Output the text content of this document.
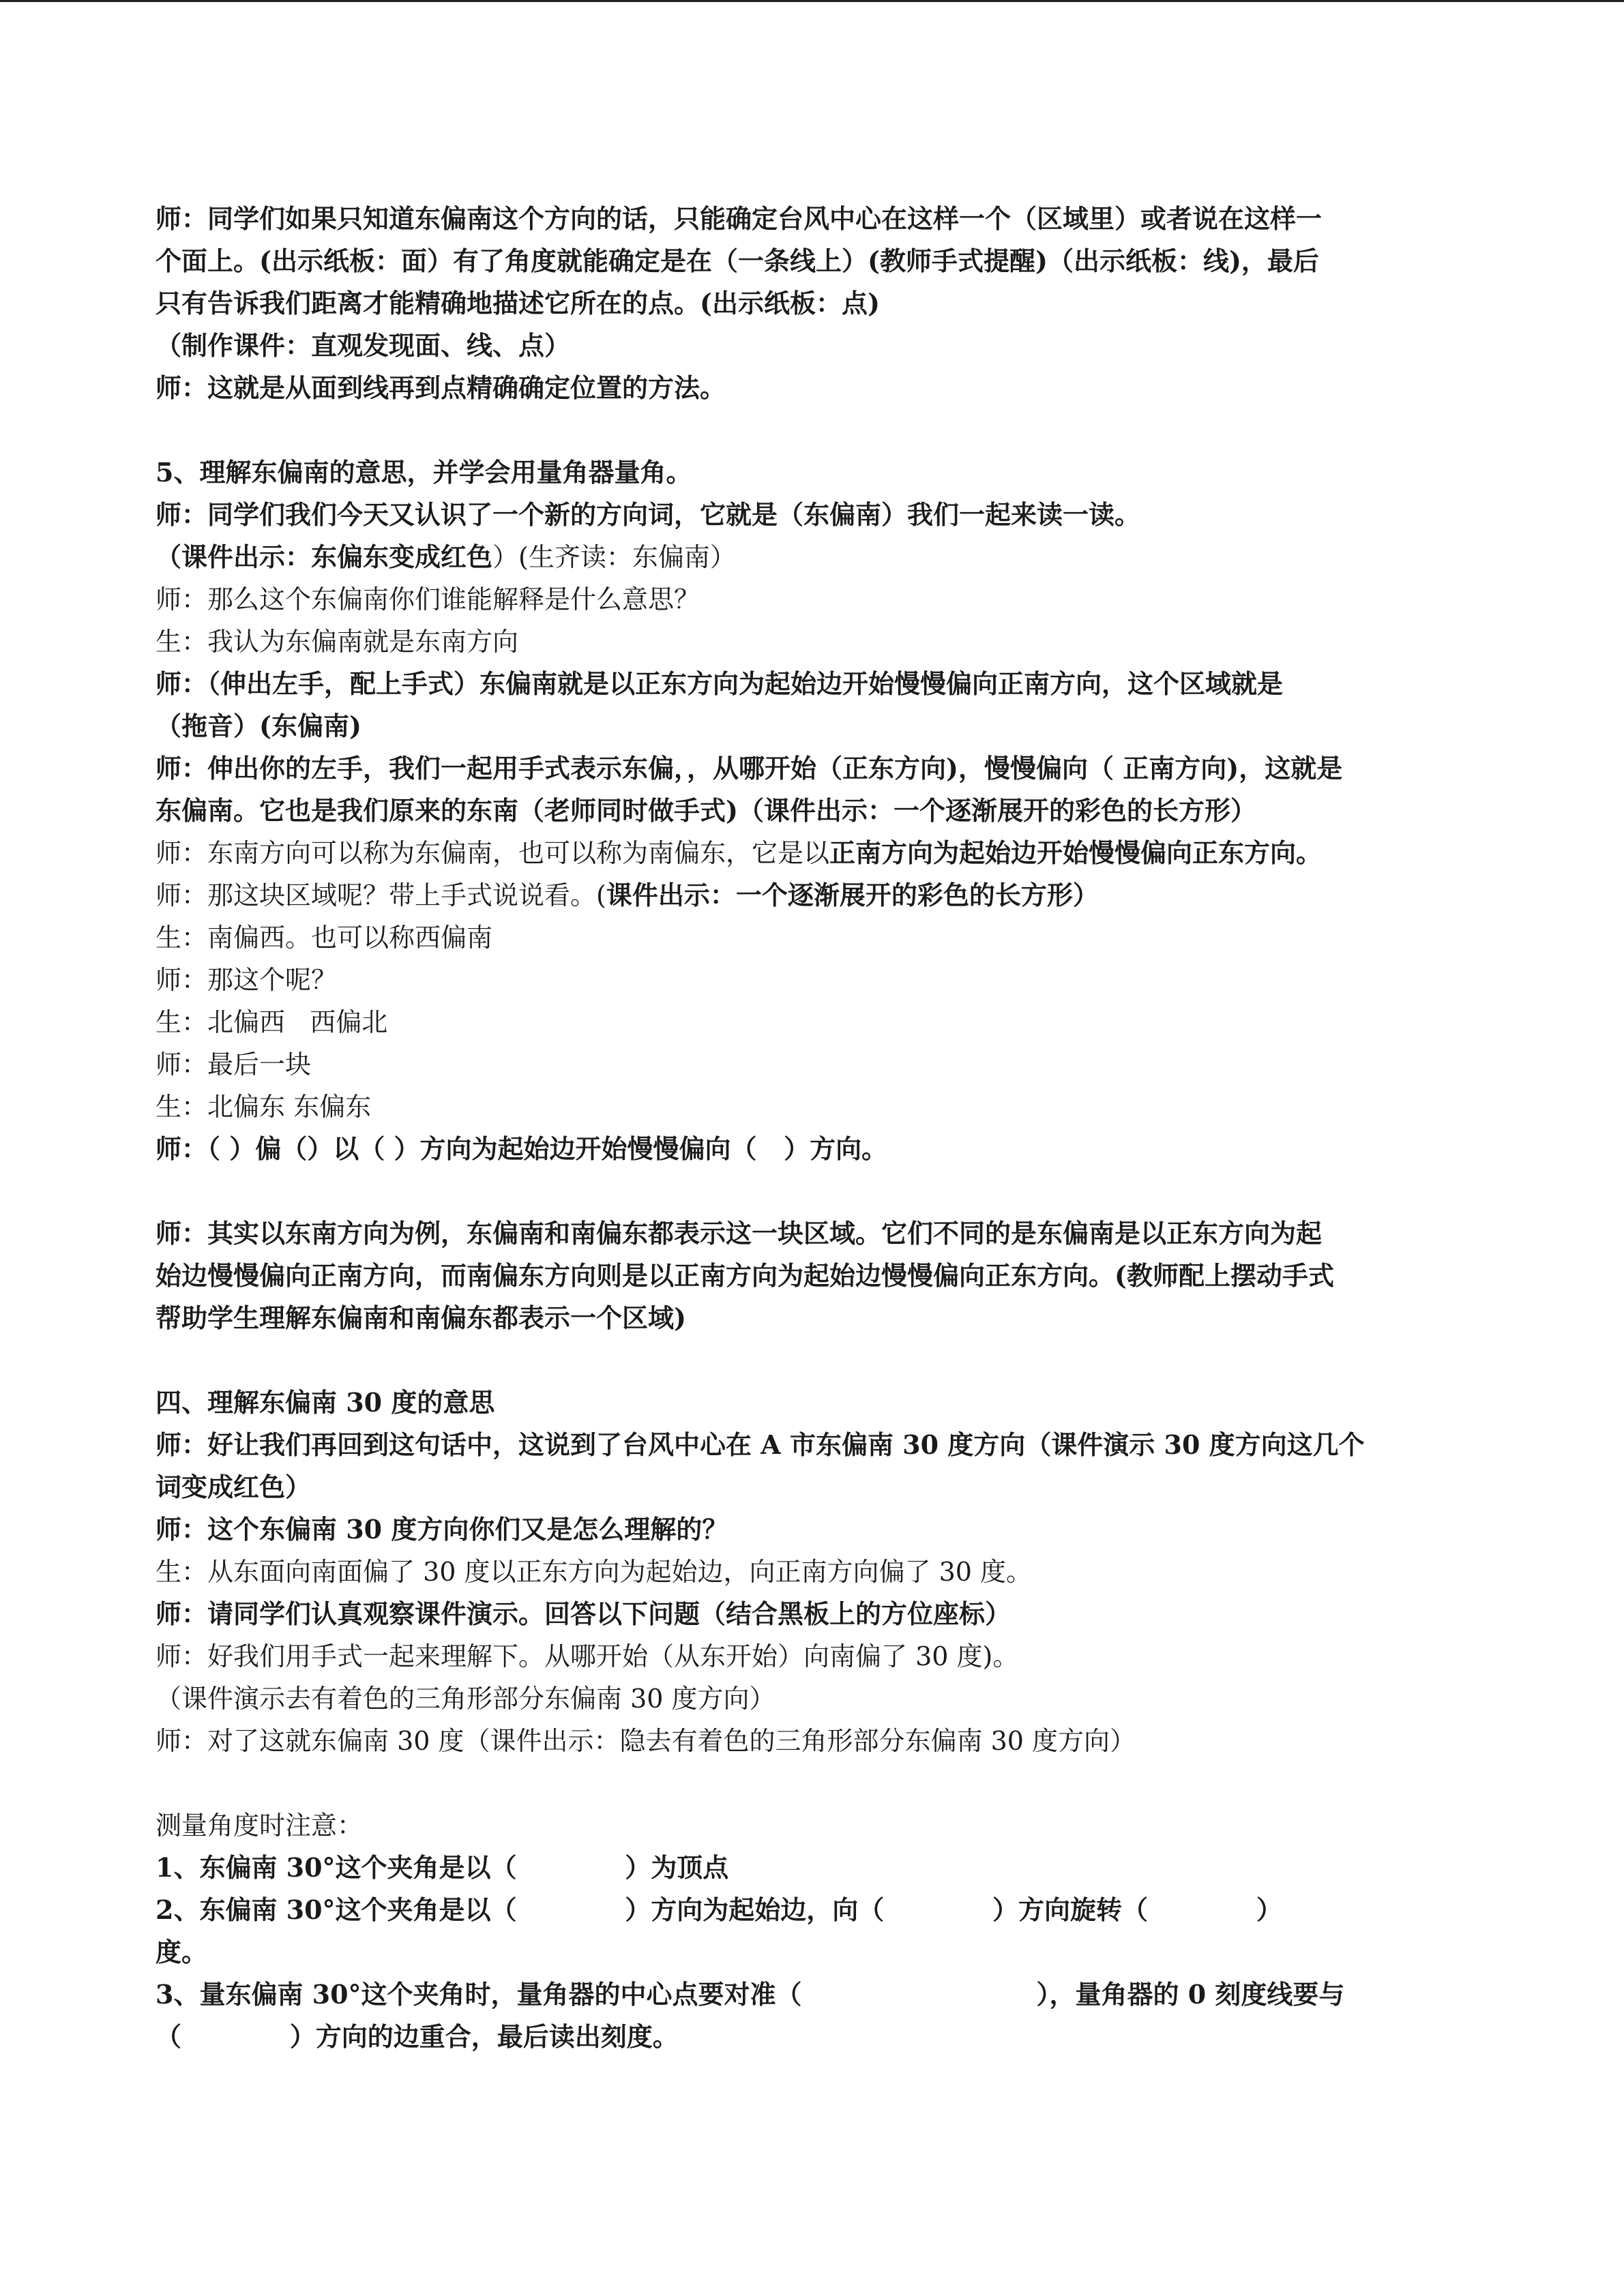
师：同学们如果只知道东偏南这个方向的话，只能确定台风中心在这样一个（区域里）或者说在这样一
个面上。(出示纸板：面）有了角度就能确定是在（一条线上）(教师手式提醒)（出示纸板：线)，最后
只有告诉我们距离才能精确地描述它所在的点。(出示纸板：点)
（制作课件：直观发现面、线、点）
师：这就是从面到线再到点精确确定位置的方法。
5、理解东偏南的意思，并学会用量角器量角。
师：同学们我们今天又认识了一个新的方向词，它就是（东偏南）我们一起来读一读。
（课件出示：东偏东变成红色）(生齐读：东偏南）
师：那么这个东偏南你们谁能解释是什么意思？
生：我认为东偏南就是东南方向
师：（伸出左手，配上手式）东偏南就是以正东方向为起始边开始慢慢偏向正南方向，这个区域就是
（拖音）(东偏南)
师：伸出你的左手，我们一起用手式表示东偏，，从哪开始（正东方向)，慢慢偏向（ 正南方向)，这就是
东偏南。它也是我们原来的东南（老师同时做手式)（课件出示：一个逐渐展开的彩色的长方形）
师：东南方向可以称为东偏南，也可以称为南偏东，它是以正南方向为起始边开始慢慢偏向正东方向。
师：那这块区域呢？带上手式说说看。(课件出示：一个逐渐展开的彩色的长方形）
生：南偏西。也可以称西偏南
师：那这个呢？
生：北偏西   西偏北
师：最后一块
生：北偏东 东偏东
师：（ ）偏（）以（ ）方向为起始边开始慢慢偏向（   ）方向。
师：其实以东南方向为例，东偏南和南偏东都表示这一块区域。它们不同的是东偏南是以正东方向为起
始边慢慢偏向正南方向，而南偏东方向则是以正南方向为起始边慢慢偏向正东方向。(教师配上摆动手式
帮助学生理解东偏南和南偏东都表示一个区域)
四、理解东偏南 30 度的意思
师：好让我们再回到这句话中，这说到了台风中心在 A 市东偏南 30 度方向（课件演示 30 度方向这几个
词变成红色）
师：这个东偏南 30 度方向你们又是怎么理解的？
生：从东面向南面偏了 30 度以正东方向为起始边，向正南方向偏了 30 度。
师：请同学们认真观察课件演示。回答以下问题（结合黑板上的方位座标）
师：好我们用手式一起来理解下。从哪开始（从东开始）向南偏了 30 度)。
（课件演示去有着色的三角形部分东偏南 30 度方向）
师：对了这就东偏南 30 度（课件出示：隐去有着色的三角形部分东偏南 30 度方向）
测量角度时注意：
1、东偏南 30°这个夹角是以（            ）为顶点
2、东偏南 30°这个夹角是以（            ）方向为起始边，向（            ）方向旋转（            ）
度。
3、量东偏南 30°这个夹角时，量角器的中心点要对准（                          ），量角器的 0 刻度线要与
（            ）方向的边重合，最后读出刻度。
